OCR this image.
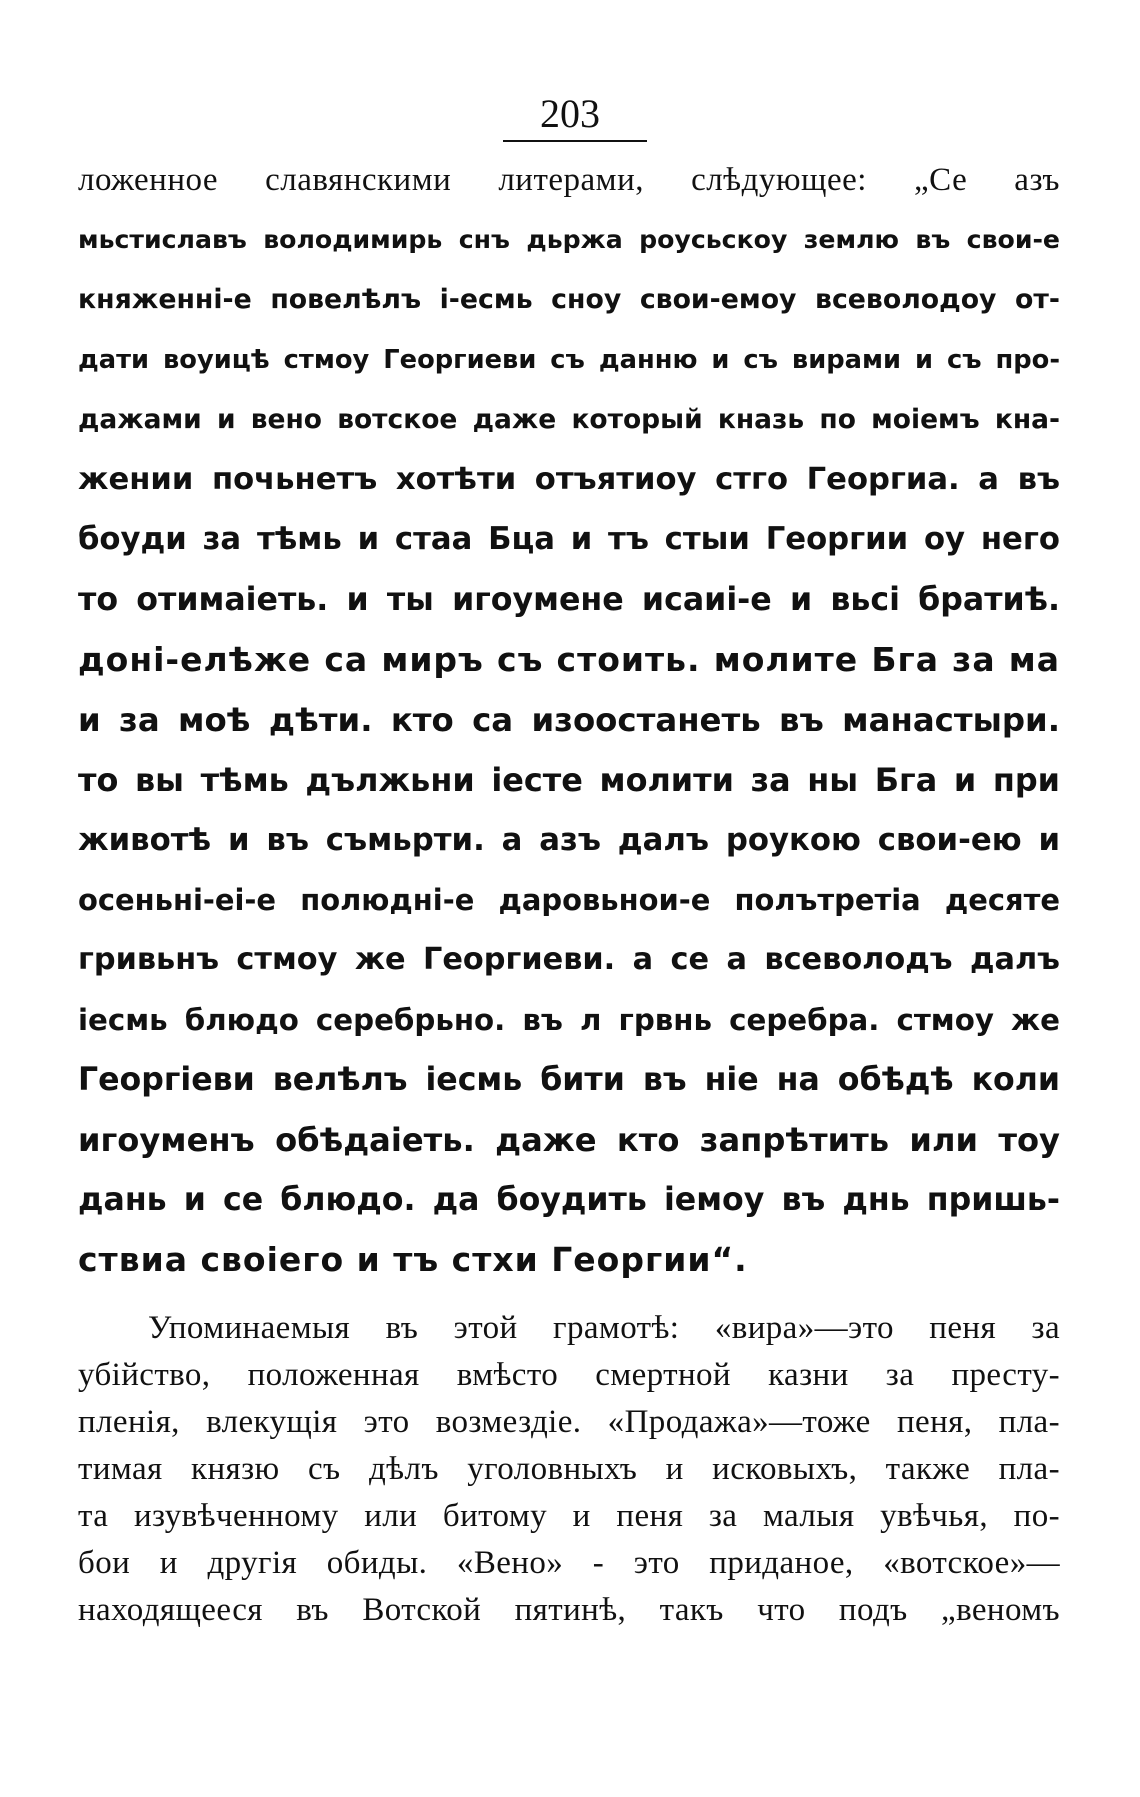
203
ложенное славянскими литерами, слѣдующее: „Се азъ
мьстиславъ володимирь снъ дьржа роусьскоу землю въ свои-е
княженні-е повелѣлъ і-есмь сноу свои-емоу всеволодоу от-
дати воуицѣ стмоу Георгиеви съ данню и съ вирами и съ про-
дажами и вено вотское даже который кназь по моіемъ кна-
жении почьнетъ хотѣти отъятиоу стго Георгиа. а въ
боуди за тѣмь и стаа Бца и тъ стыи Георгии оу него
то отимаіеть. и ты игоумене исаиі-е и вьсі братиѣ.
доні-елѣже са миръ съ стоить. молите Бга за ма
и за моѣ дѣти. кто са изоостанеть въ манастыри.
то вы тѣмь дължьни іесте молити за ны Бга и при
животѣ и въ съмьрти. а азъ далъ роукою свои-ею и
осеньні-еі-е полюдні-е даровьнои-е полътретіа десяте
гривьнъ стмоу же Георгиеви. а се а всеволодъ далъ
іесмь блюдо серебрьно. въ л грвнь серебра. стмоу же
Георгіеви велѣлъ іесмь бити въ ніе на обѣдѣ коли
игоуменъ обѣдаіеть. даже кто запрѣтить или тоу
дань и се блюдо. да боудить іемоу въ днь пришь-
ствиа своіего и тъ стхи Георгии“.
Упоминаемыя въ этой грамотѣ: «вира»—это пеня за
убійство, положенная вмѣсто смертной казни за престу-
пленія, влекущія это возмездіе. «Продажа»—тоже пеня, пла-
тимая князю съ дѣлъ уголовныхъ и исковыхъ, также пла-
та изувѣченному или битому и пеня за малыя увѣчья, по-
бои и другія обиды. «Вено» - это приданое, «вотское»—
находящееся въ Вотской пятинѣ, такъ что подъ „веномъ
